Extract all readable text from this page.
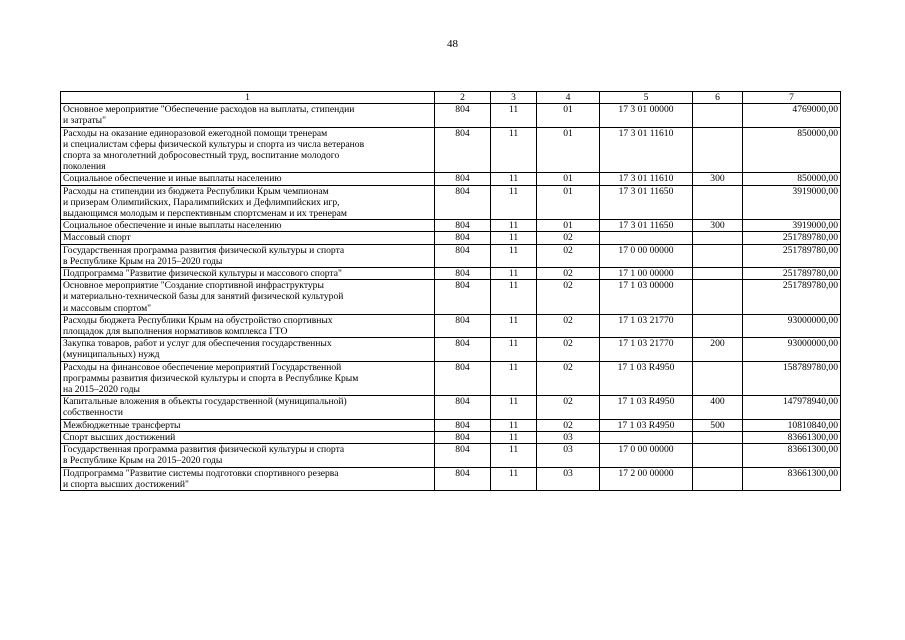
48
1	2	3	4	5	6	7
Основное мероприятие "Обеспечение расходов на выплаты, стипендии
и затраты"	804	11	01	17 3 01 00000		4769000,00
Расходы на оказание единоразовой ежегодной помощи тренерам
и специалистам сферы физической культуры и спорта из числа ветеранов
спорта за многолетний добросовестный труд, воспитание молодого
поколения	804	11	01	17 3 01 11610		850000,00
Социальное обеспечение и иные выплаты населению	804	11	01	17 3 01 11610	300	850000,00
Расходы на стипендии из бюджета Республики Крым чемпионам
и призерам Олимпийских, Паралимпийских и Дефлимпийских игр,
выдающимся молодым и перспективным спортсменам и их тренерам	804	11	01	17 3 01 11650		3919000,00
Социальное обеспечение и иные выплаты населению	804	11	01	17 3 01 11650	300	3919000,00
Массовый спорт	804	11	02			251789780,00
Государственная программа развития физической культуры и спорта
в Республике Крым на 2015–2020 годы	804	11	02	17 0 00 00000		251789780,00
Подпрограмма "Развитие физической культуры и массового спорта"	804	11	02	17 1 00 00000		251789780,00
Основное мероприятие "Создание спортивной инфраструктуры
и материально-технической базы для занятий физической культурой
и массовым спортом"	804	11	02	17 1 03 00000		251789780,00
Расходы бюджета Республики Крым на обустройство спортивных
площадок для выполнения нормативов комплекса ГТО	804	11	02	17 1 03 21770		93000000,00
Закупка товаров, работ и услуг для обеспечения государственных
(муниципальных) нужд	804	11	02	17 1 03 21770	200	93000000,00
Расходы на финансовое обеспечение мероприятий Государственной
программы развития физической культуры и спорта в Республике Крым
на 2015–2020 годы	804	11	02	17 1 03 R4950		158789780,00
Капитальные вложения в объекты государственной (муниципальной)
собственности	804	11	02	17 1 03 R4950	400	147978940,00
Межбюджетные трансферты	804	11	02	17 1 03 R4950	500	10810840,00
Спорт высших достижений	804	11	03			83661300,00
Государственная программа развития физической культуры и спорта
в Республике Крым на 2015–2020 годы	804	11	03	17 0 00 00000		83661300,00
Подпрограмма "Развитие системы подготовки спортивного резерва
и спорта высших достижений"	804	11	03	17 2 00 00000		83661300,00
